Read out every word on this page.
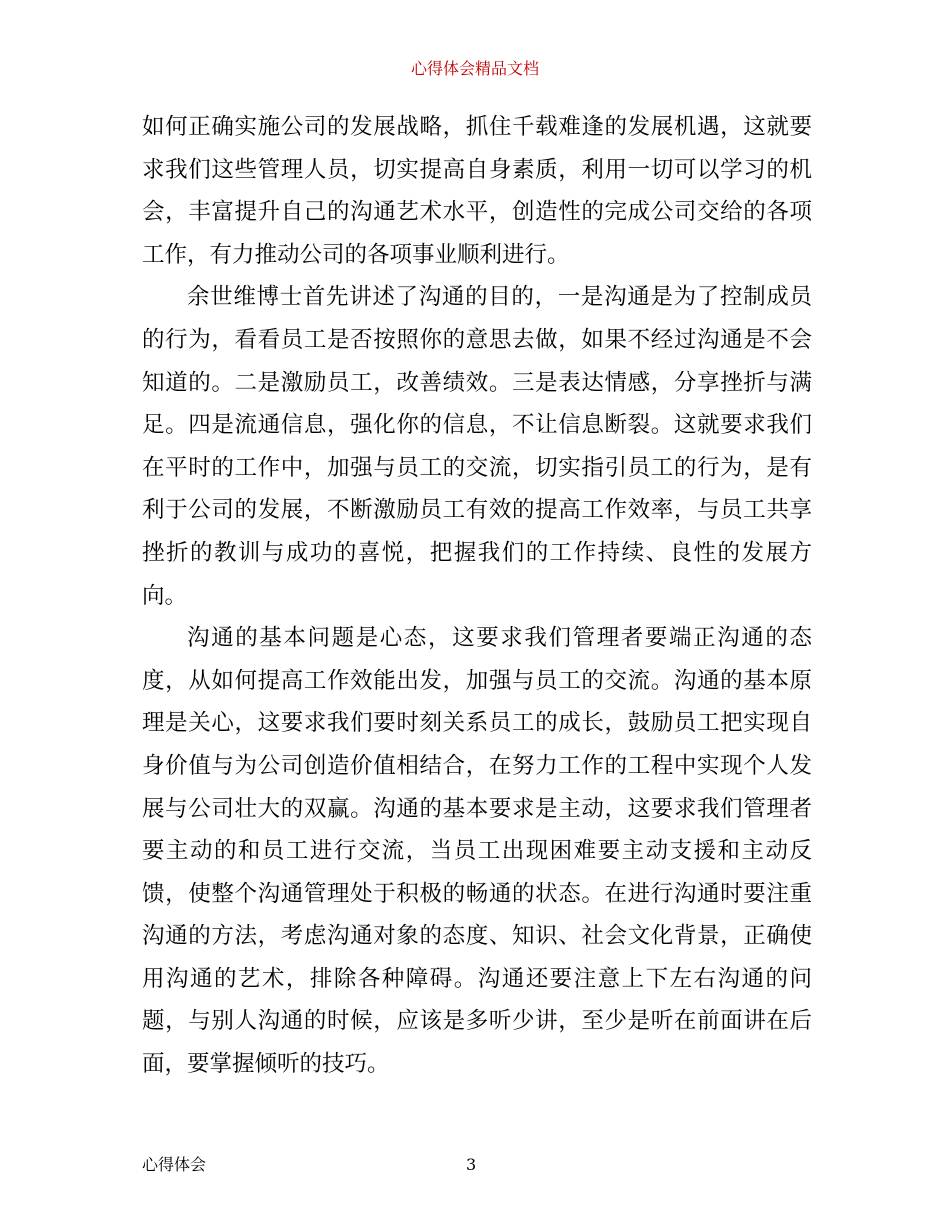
心得体会精品文档

如何正确实施公司的发展战略，抓住千载难逢的发展机遇，这就要求我们这些管理人员，切实提高自身素质，利用一切可以学习的机会，丰富提升自己的沟通艺术水平，创造性的完成公司交给的各项工作，有力推动公司的各项事业顺利进行。

余世维博士首先讲述了沟通的目的，一是沟通是为了控制成员的行为，看看员工是否按照你的意思去做，如果不经过沟通是不会知道的。二是激励员工，改善绩效。三是表达情感，分享挫折与满足。四是流通信息，强化你的信息，不让信息断裂。这就要求我们在平时的工作中，加强与员工的交流，切实指引员工的行为，是有利于公司的发展，不断激励员工有效的提高工作效率，与员工共享挫折的教训与成功的喜悦，把握我们的工作持续、良性的发展方向。

沟通的基本问题是心态，这要求我们管理者要端正沟通的态度，从如何提高工作效能出发，加强与员工的交流。沟通的基本原理是关心，这要求我们要时刻关系员工的成长，鼓励员工把实现自身价值与为公司创造价值相结合，在努力工作的工程中实现个人发展与公司壮大的双赢。沟通的基本要求是主动，这要求我们管理者要主动的和员工进行交流，当员工出现困难要主动支援和主动反馈，使整个沟通管理处于积极的畅通的状态。在进行沟通时要注重沟通的方法，考虑沟通对象的态度、知识、社会文化背景，正确使用沟通的艺术，排除各种障碍。沟通还要注意上下左右沟通的问题，与别人沟通的时候，应该是多听少讲，至少是听在前面讲在后面，要掌握倾听的技巧。

心得体会	3
